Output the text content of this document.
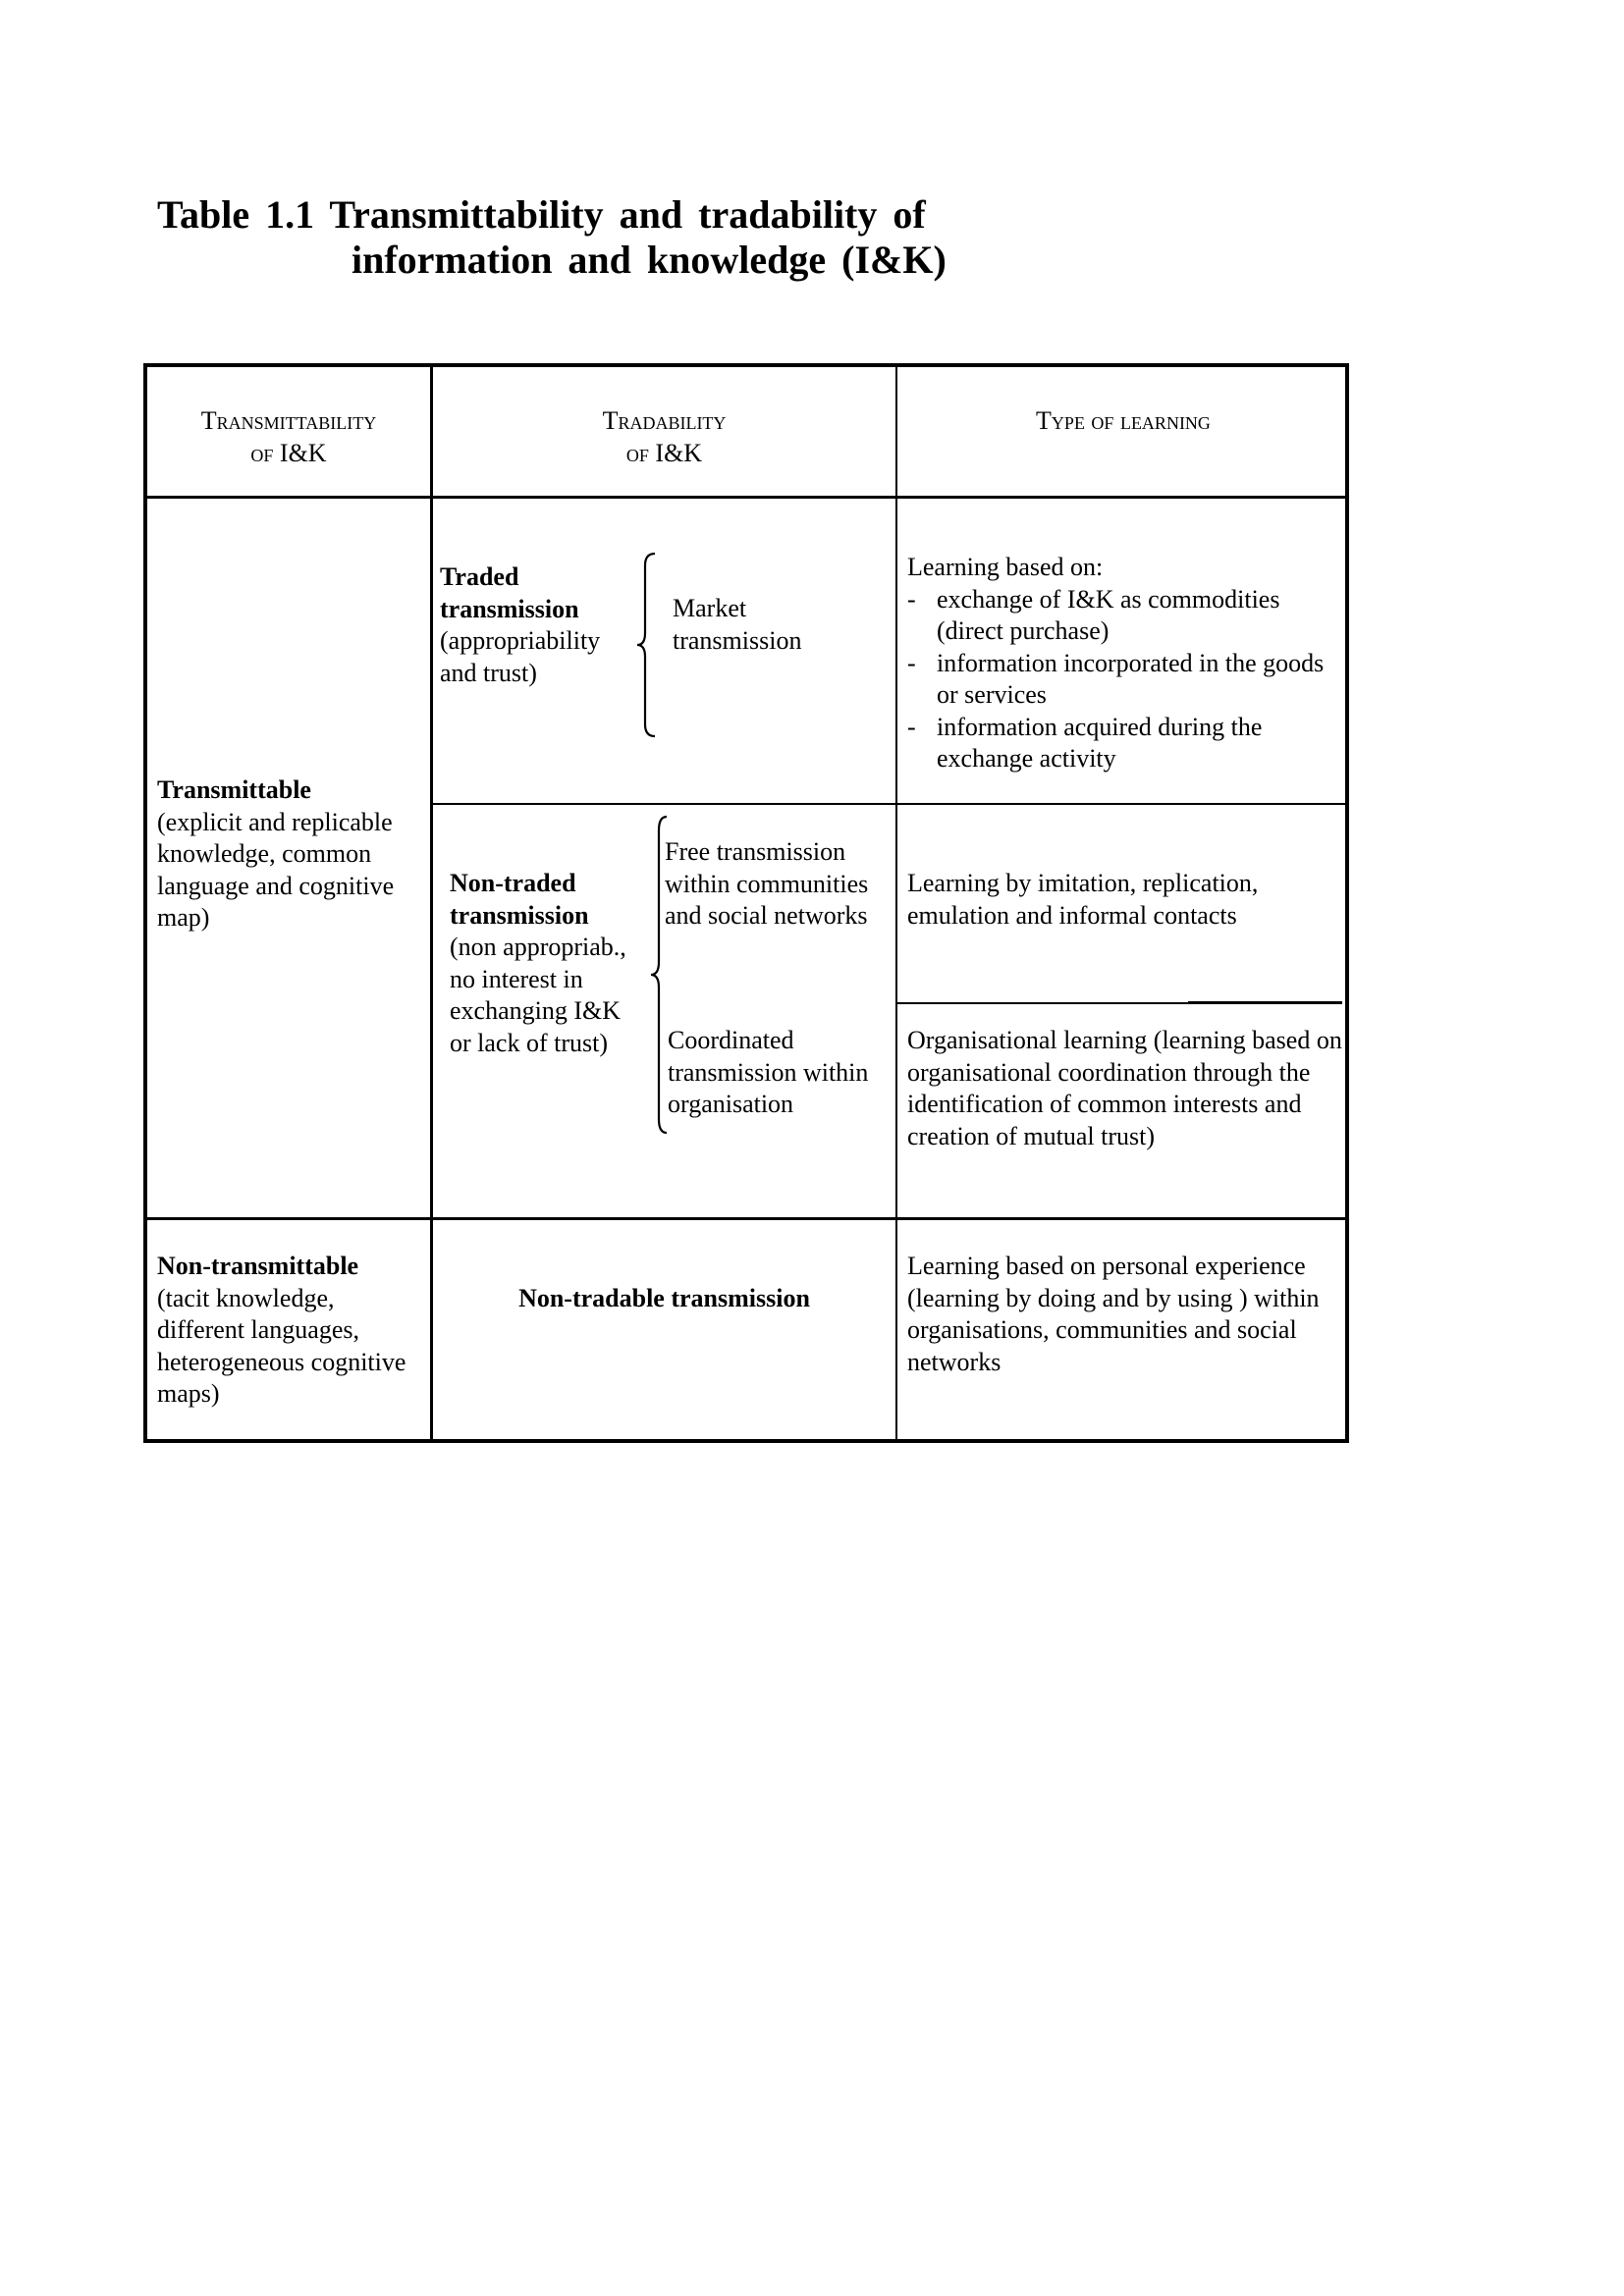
Table 1.1 Transmittability and tradability of
information and knowledge (I&K)
Transmittability
of I&K
Tradability
of I&K
Type of learning
Transmittable
(explicit and replicable knowledge, common language and cognitive map)
Traded transmission
(appropriability and trust)
Market transmission
Learning based on:
- exchange of I&K as commodities (direct purchase)
- information incorporated in the goods or services
- information acquired during the exchange activity
Non-traded transmission
(non appropriab., no interest in exchanging I&K or lack of trust)
Free transmission within communities and social networks
Coordinated transmission within organisation
Learning by imitation, replication, emulation and informal contacts
Organisational learning (learning based on organisational coordination through the identification of common interests and creation of mutual trust)
Non-transmittable
(tacit knowledge, different languages, heterogeneous cognitive maps)
Non-tradable transmission
Learning based on personal experience (learning by doing and by using ) within organisations, communities and social networks
